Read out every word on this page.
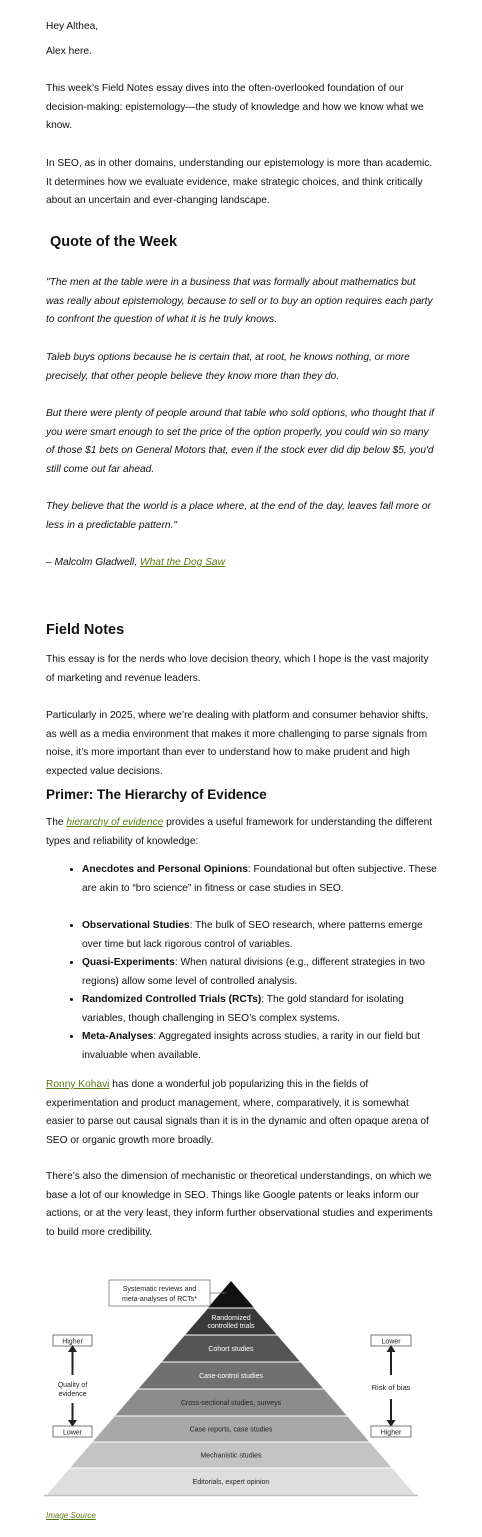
Hey Althea,

Alex here.

This week’s Field Notes essay dives into the often-overlooked foundation of our decision-making: epistemology—the study of knowledge and how we know what we know.

In SEO, as in other domains, understanding our epistemology is more than academic. It determines how we evaluate evidence, make strategic choices, and think critically about an uncertain and ever-changing landscape.

Quote of the Week

"The men at the table were in a business that was formally about mathematics but was really about epistemology, because to sell or to buy an option requires each party to confront the question of what it is he truly knows.

Taleb buys options because he is certain that, at root, he knows nothing, or more precisely, that other people believe they know more than they do.

But there were plenty of people around that table who sold options, who thought that if you were smart enough to set the price of the option properly, you could win so many of those $1 bets on General Motors that, even if the stock ever did dip below $5, you'd still come out far ahead.

They believe that the world is a place where, at the end of the day, leaves fall more or less in a predictable pattern."

– Malcolm Gladwell, What the Dog Saw

Field Notes

This essay is for the nerds who love decision theory, which I hope is the vast majority of marketing and revenue leaders.

Particularly in 2025, where we’re dealing with platform and consumer behavior shifts, as well as a media environment that makes it more challenging to parse signals from noise, it’s more important than ever to understand how to make prudent and high expected value decisions.

Primer: The Hierarchy of Evidence

The hierarchy of evidence provides a useful framework for understanding the different types and reliability of knowledge:

• Anecdotes and Personal Opinions: Foundational but often subjective. These are akin to “bro science” in fitness or case studies in SEO.
• Observational Studies: The bulk of SEO research, where patterns emerge over time but lack rigorous control of variables.
• Quasi-Experiments: When natural divisions (e.g., different strategies in two regions) allow some level of controlled analysis.
• Randomized Controlled Trials (RCTs): The gold standard for isolating variables, though challenging in SEO’s complex systems.
• Meta-Analyses: Aggregated insights across studies, a rarity in our field but invaluable when available.

Ronny Kohavi has done a wonderful job popularizing this in the fields of experimentation and product management, where, comparatively, it is somewhat easier to parse out causal signals than it is in the dynamic and often opaque arena of SEO or organic growth more broadly.

There’s also the dimension of mechanistic or theoretical understandings, on which we base a lot of our knowledge in SEO. Things like Google patents or leaks inform our actions, or at the very least, they inform further observational studies and experiments to build more credibility.

Randomized
controlled trials
Cohort studies
Case-control studies
Cross-sectional studies, surveys
Case reports, case studies
Mechanistic studies
Editorials, expert opinion
Systematic reviews and
meta-analyses of RCTs*
Higher
Quality of
evidence
Lower
Lower
Risk of bias
Higher
Image Source
